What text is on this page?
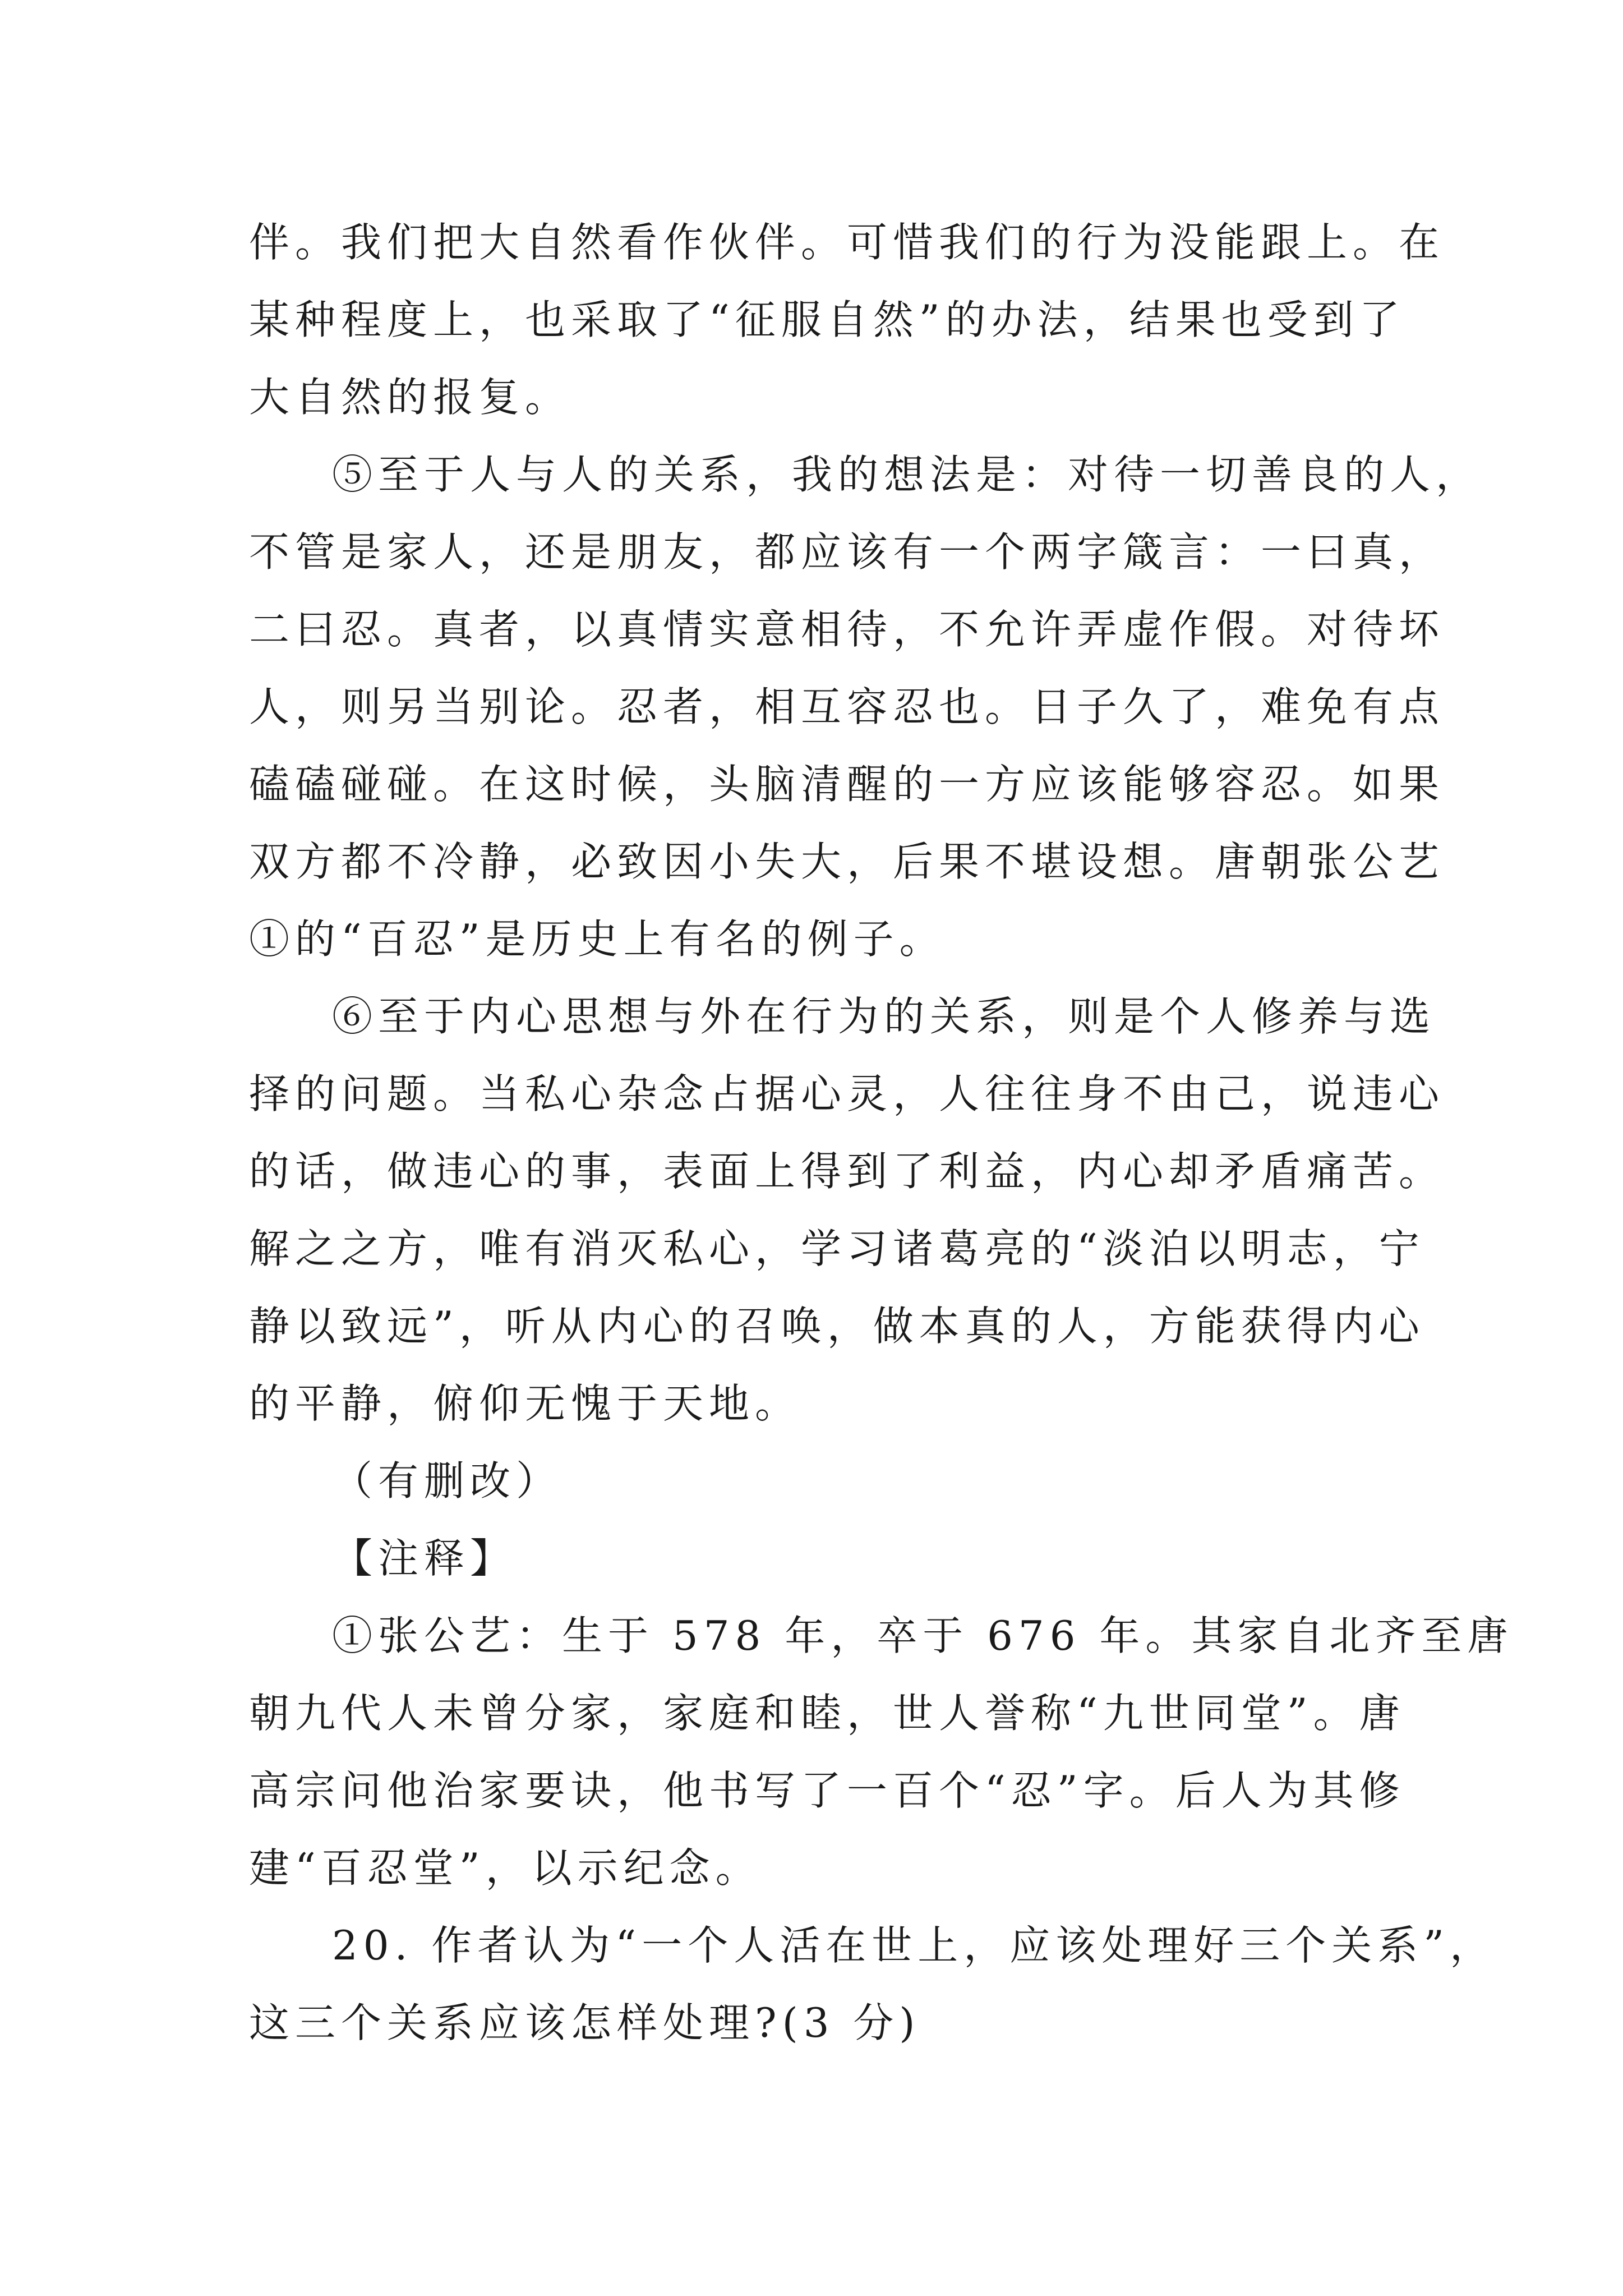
伴。我们把大自然看作伙伴。可惜我们的行为没能跟上。在
某种程度上，也采取了“征服自然”的办法，结果也受到了
大自然的报复。
⑤至于人与人的关系，我的想法是：对待一切善良的人，
不管是家人，还是朋友，都应该有一个两字箴言：一曰真，
二曰忍。真者，以真情实意相待，不允许弄虚作假。对待坏
人，则另当别论。忍者，相互容忍也。日子久了，难免有点
磕磕碰碰。在这时候，头脑清醒的一方应该能够容忍。如果
双方都不冷静，必致因小失大，后果不堪设想。唐朝张公艺
①的“百忍”是历史上有名的例子。
⑥至于内心思想与外在行为的关系，则是个人修养与选
择的问题。当私心杂念占据心灵，人往往身不由己，说违心
的话，做违心的事，表面上得到了利益，内心却矛盾痛苦。
解之之方，唯有消灭私心，学习诸葛亮的“淡泊以明志，宁
静以致远”，听从内心的召唤，做本真的人，方能获得内心
的平静，俯仰无愧于天地。
（有删改）
【注释】
①张公艺：生于 578 年，卒于 676 年。其家自北齐至唐
朝九代人未曾分家，家庭和睦，世人誉称“九世同堂”。唐
高宗问他治家要诀，他书写了一百个“忍”字。后人为其修
建“百忍堂”，以示纪念。
20. 作者认为“一个人活在世上，应该处理好三个关系”，
这三个关系应该怎样处理?(3 分)
